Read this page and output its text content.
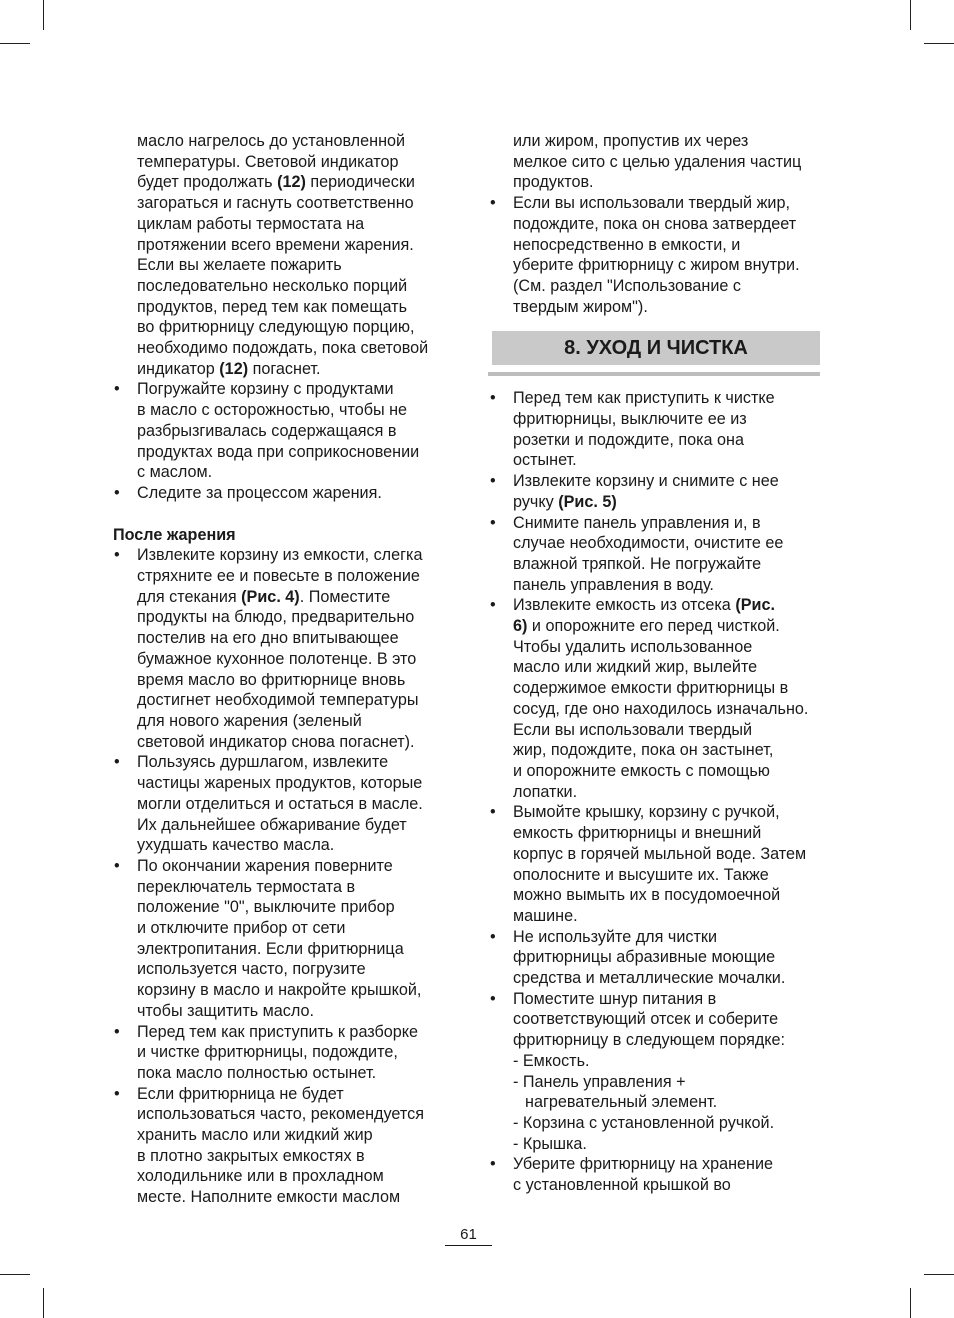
масло нагрелось до установленной
температуры. Световой индикатор
будет продолжать (12) периодически
загораться и гаснуть соответственно
циклам работы термостата на
протяжении всего времени жарения.
Если вы желаете пожарить
последовательно несколько порций
продуктов, перед тем как помещать
во фритюрницу следующую порцию,
необходимо подождать, пока световой
индикатор (12) погаснет.

•	Погружайте корзину с продуктами
в масло с осторожностью, чтобы не
разбрызгивалась содержащаяся в
продуктах вода при соприкосновении
с маслом.

•	Следите за процессом жарения.

После жарения

•	Извлеките корзину из емкости, слегка
стряхните ее и повесьте в положение
для стекания (Рис. 4). Поместите
продукты на блюдо, предварительно
постелив на его дно впитывающее
бумажное кухонное полотенце. В это
время масло во фритюрнице вновь
достигнет необходимой температуры
для нового жарения (зеленый
световой индикатор снова погаснет).

•	Пользуясь дуршлагом, извлеките
частицы жареных продуктов, которые
могли отделиться и остаться в масле.
Их дальнейшее обжаривание будет
ухудшать качество масла.

•	По окончании жарения поверните
переключатель термостата в
положение "0", выключите прибор
и отключите прибор от сети
электропитания. Если фритюрница
используется часто, погрузите
корзину в масло и накройте крышкой,
чтобы защитить масло.

•	Перед тем как приступить к разборке
и чистке фритюрницы, подождите,
пока масло полностью остынет.

•	Если фритюрница не будет
использоваться часто, рекомендуется
хранить масло или жидкий жир
в плотно закрытых емкостях в
холодильнике или в прохладном
месте. Наполните емкости маслом

или жиром, пропустив их через
мелкое сито с целью удаления частиц
продуктов.

•	Если вы использовали твердый жир,
подождите, пока он снова затвердеет
непосредственно в емкости, и
уберите фритюрницу с жиром внутри.
(См. раздел "Использование с
твердым жиром").

•	Перед тем как приступить к чистке
фритюрницы, выключите ее из
розетки и подождите, пока она
остынет.

•	Извлеките корзину и снимите с нее
ручку (Рис. 5)

•	Снимите панель управления и, в
случае необходимости, очистите ее
влажной тряпкой. Не погружайте
панель управления в воду.

•	Извлеките емкость из отсека (Рис.
6) и опорожните его перед чисткой.
Чтобы удалить использованное
масло или жидкий жир, вылейте
содержимое емкости фритюрницы в
сосуд, где оно находилось изначально.
Если вы использовали твердый
жир, подождите, пока он застынет,
и опорожните емкость с помощью
лопатки.

•	Вымойте крышку, корзину с ручкой,
емкость фритюрницы и внешний
корпус в горячей мыльной воде. Затем
ополосните и высушите их. Также
можно вымыть их в посудомоечной
машине.

•	Не используйте для чистки
фритюрницы абразивные моющие
средства и металлические мочалки.

•	Поместите шнур питания в
соответствующий отсек и соберите
фритюрницу в следующем порядке:

- Емкость.

- Панель управления +

нагревательный элемент.

- Корзина с установленной ручкой.

- Крышка.

•	Уберите фритюрницу на хранение
с установленной крышкой во

8. УХОД И ЧИСТКА
61
